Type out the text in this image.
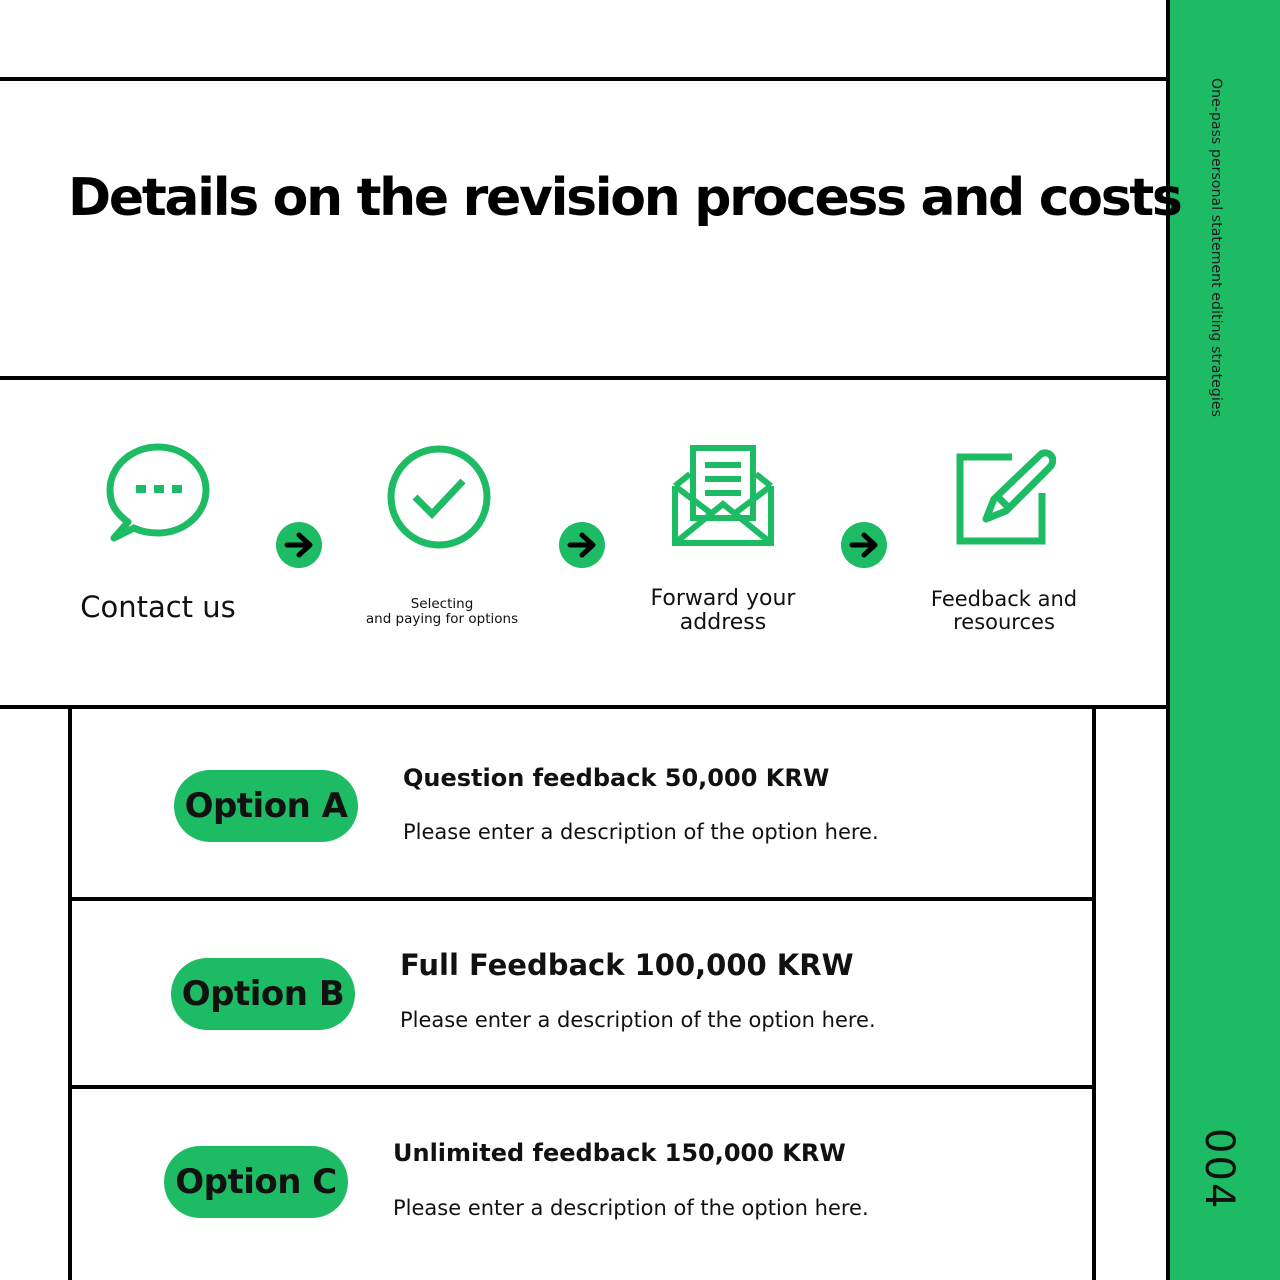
One-pass personal statement editing strategies
004
Details on the revision process and costs
Contact us	Selecting
and paying for options
Forward your
address
Feedback and
resources
Option A
Question feedback 50,000 KRW
Please enter a description of the option here.
Option B
Full Feedback 100,000 KRW
Please enter a description of the option here.
Option C
Unlimited feedback 150,000 KRW
Please enter a description of the option here.
